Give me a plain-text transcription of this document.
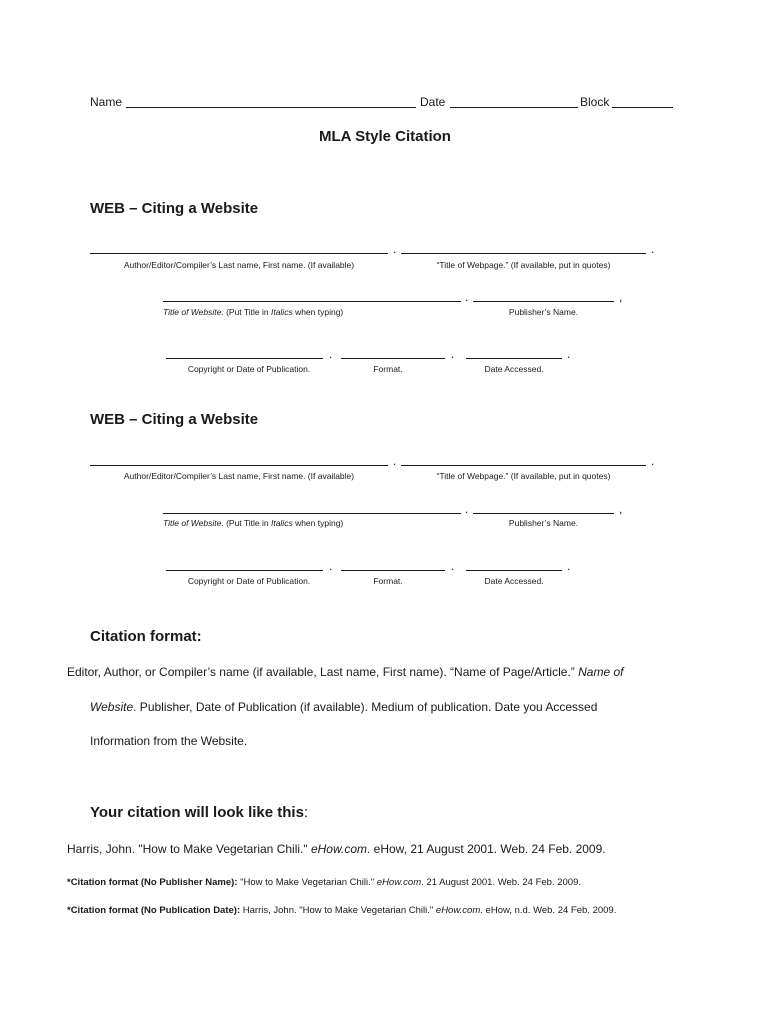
Name	Date	Block
MLA Style Citation
WEB – Citing a Website
.	.
Author/Editor/Compiler’s Last name, First name. (If available)	“Title of Webpage.” (If available, put in quotes)
.	,
Title of Website. (Put Title in Italics when typing)	Publisher’s Name.
.	.	.
Copyright or Date of Publication.	Format.	Date Accessed.
WEB – Citing a Website
.	.
Author/Editor/Compiler’s Last name, First name. (If available)	“Title of Webpage.” (If available, put in quotes)
.	,
Title of Website. (Put Title in Italics when typing)	Publisher’s Name.
.	.	.
Copyright or Date of Publication.	Format.	Date Accessed.
Citation format:
Editor, Author, or Compiler’s name (if available, Last name, First name). “Name of Page/Article.” Name of
Website. Publisher, Date of Publication (if available). Medium of publication. Date you Accessed
Information from the Website.
Your citation will look like this:
Harris, John. "How to Make Vegetarian Chili." eHow.com. eHow, 21 August 2001. Web. 24 Feb. 2009.
*Citation format (No Publisher Name): "How to Make Vegetarian Chili." eHow.com. 21 August 2001. Web. 24 Feb. 2009.
*Citation format (No Publication Date): Harris, John. "How to Make Vegetarian Chili." eHow.com. eHow, n.d. Web. 24 Feb. 2009.
